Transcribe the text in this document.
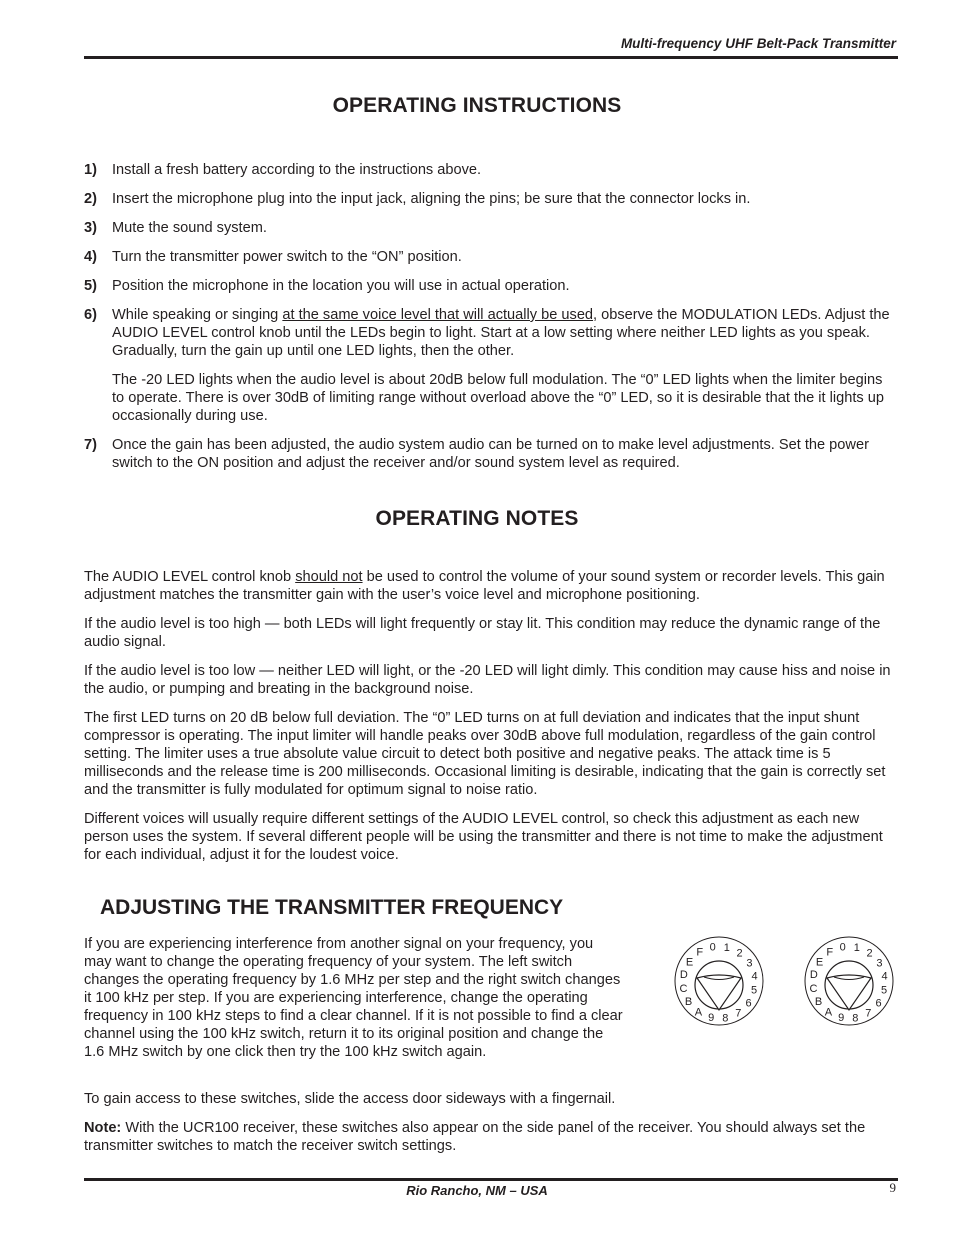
Multi-frequency UHF Belt-Pack Transmitter
OPERATING INSTRUCTIONS
1)	Install a fresh battery according to the instructions above.
2)	Insert the microphone plug into the input jack, aligning the pins; be sure that the connector locks in.
3)	Mute the sound system.
4)	Turn the transmitter power switch to the “ON” position.
5)	Position the microphone in the location you will use in actual operation.
6)	While speaking or singing at the same voice level that will actually be used, observe the MODULATION LEDs. Adjust the AUDIO LEVEL control knob until the LEDs begin to light. Start at a low setting where neither LED lights as you speak. Gradually, turn the gain up until one LED lights, then the other.

The -20 LED lights when the audio level is about 20dB below full modulation. The “0” LED lights when the limiter begins to operate. There is over 30dB of limiting range without overload above the “0” LED, so it is desirable that the it lights up occasionally during use.

7)	Once the gain has been adjusted, the audio system audio can be turned on to make level adjustments. Set the power switch to the ON position and adjust the receiver and/or sound system level as required.
OPERATING NOTES

The AUDIO LEVEL control knob should not be used to control the volume of your sound system or recorder levels. This gain adjustment matches the transmitter gain with the user’s voice level and microphone positioning.

If the audio level is too high — both LEDs will light frequently or stay lit. This condition may reduce the dynamic range of the audio signal.

If the audio level is too low — neither LED will light, or the -20 LED will light dimly. This condition may cause hiss and noise in the audio, or pumping and breating in the background noise.

The first LED turns on 20 dB below full deviation. The “0” LED turns on at full deviation and indicates that the input shunt compressor is operating. The input limiter will handle peaks over 30dB above full modulation, regardless of the gain control setting. The limiter uses a true absolute value circuit to detect both positive and negative peaks. The attack time is 5 milliseconds and the release time is 200 milliseconds. Occasional limiting is desirable, indicating that the gain is correctly set and the transmitter is fully modulated for optimum signal to noise ratio.

Different voices will usually require different settings of the AUDIO LEVEL control, so check this adjustment as each new person uses the system. If several different people will be using the transmitter and there is not time to make the adjustment for each individual, adjust it for the loudest voice.

ADJUSTING THE TRANSMITTER FREQUENCY
If you are experiencing interference from another signal on your frequency, you may want to change the operating frequency of your system. The left switch changes the operating frequency by 1.6 MHz per step and the right switch changes it 100 kHz per step. If you are experiencing interference, change the operating frequency in 100 kHz steps to find a clear channel. If it is not possible to find a clear channel using the 100 kHz switch, return it to its original position and change the 1.6 MHz switch by one click then try the 100 kHz switch again.
0 1 2
3
4
5
6
7
8
9
A
B
C
D
E
F	0 1 2
3
4
5
6
7
8
9
A
B
C
D
E
F

To gain access to these switches, slide the access door sideways with a fingernail.

Note: With the UCR100 receiver, these switches also appear on the side panel of the receiver. You should always set the transmitter switches to match the receiver switch settings.

Rio Rancho, NM – USA	9
